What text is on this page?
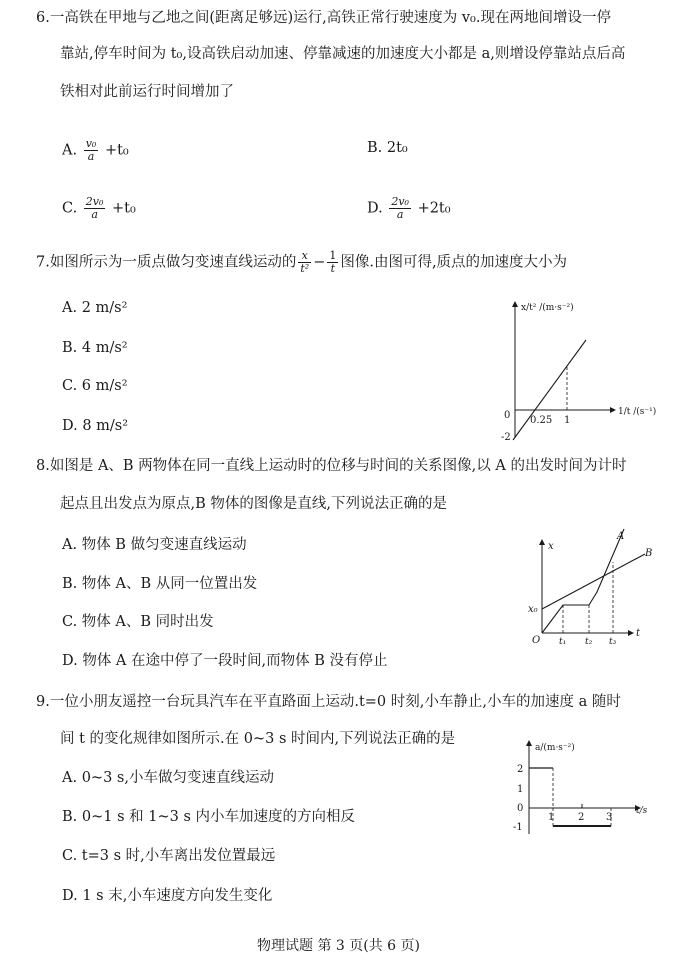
6.一高铁在甲地与乙地之间(距离足够远)运行,高铁正常行驶速度为 v₀.现在两地间增设一停
靠站,停车时间为 t₀,设高铁启动加速、停靠减速的加速度大小都是 a,则增设停靠站点后高
铁相对此前运行时间增加了
A. $\frac{\text{v₀}}{a} +t_0$	B. 2t₀
C. $\frac{\text{2v₀}}{a} +t_0$	D. $\frac{\text{2v₀}}{a} +2t_0$
7.如图所示为一质点做匀变速直线运动的 $\frac{x}{\text{t²}} - \frac{1}{t}$ 图像.由图可得,质点的加速度大小为
A. 2 m/s²
B. 4 m/s²
C. 6 m/s²
D. 8 m/s²
x/t² /(m·s⁻²)
1/t /(s⁻¹)
0
-2
0.25 1
8.如图是 A、B 两物体在同一直线上运动时的位移与时间的关系图像,以 A 的出发时间为计时
起点且出发点为原点,B 物体的图像是直线,下列说法正确的是
A. 物体 B 做匀变速直线运动
B. 物体 A、B 从同一位置出发
C. 物体 A、B 同时出发
D. 物体 A 在途中停了一段时间,而物体 B 没有停止
x
t
O
x₀
t₁ t₂ t₃
A
B
9.一位小朋友遥控一台玩具汽车在平直路面上运动.t=0 时刻,小车静止,小车的加速度 a 随时
间 t 的变化规律如图所示.在 0~3 s 时间内,下列说法正确的是
A. 0~3 s,小车做匀变速直线运动
B. 0~1 s 和 1~3 s 内小车加速度的方向相反
C. t=3 s 时,小车离出发位置最远
D. 1 s 末,小车速度方向发生变化
a/(m·s⁻²)
t/s
2
1
0
-1
1 2 3
物理试题 第 3 页(共 6 页)
